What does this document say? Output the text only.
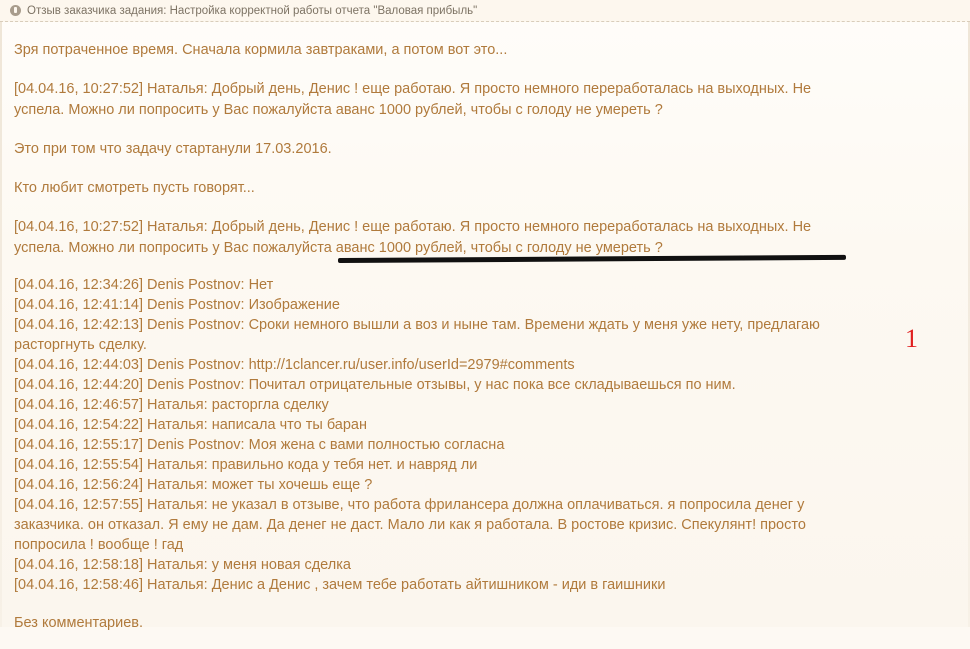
Отзыв заказчика задания: Настройка корректной работы отчета "Валовая прибыль"

Зря потраченное время. Сначала кормила завтраками, а потом вот это...

[04.04.16, 10:27:52] Наталья: Добрый день, Денис ! еще работаю. Я просто немного переработалась на выходных. Не успела. Можно ли попросить у Вас пожалуйста аванс 1000 рублей, чтобы с голоду не умереть ?

Это при том что задачу стартанули 17.03.2016.

Кто любит смотреть пусть говорят...

[04.04.16, 10:27:52] Наталья: Добрый день, Денис ! еще работаю. Я просто немного переработалась на выходных. Не успела. Можно ли попросить у Вас пожалуйста аванс 1000 рублей, чтобы с голоду не умереть ?

[04.04.16, 12:34:26] Denis Postnov: Нет

[04.04.16, 12:41:14] Denis Postnov: Изображение

[04.04.16, 12:42:13] Denis Postnov: Сроки немного вышли а воз и ныне там. Времени ждать у меня уже нету, предлагаю расторгнуть сделку.

[04.04.16, 12:44:03] Denis Postnov: http://1clancer.ru/user.info/userId=2979#comments

[04.04.16, 12:44:20] Denis Postnov: Почитал отрицательные отзывы, у нас пока все складываешься по ним.

[04.04.16, 12:46:57] Наталья: расторгла сделку

[04.04.16, 12:54:22] Наталья: написала что ты баран

[04.04.16, 12:55:17] Denis Postnov: Моя жена с вами полностью согласна

[04.04.16, 12:55:54] Наталья: правильно кода у тебя нет. и навряд ли

[04.04.16, 12:56:24] Наталья: может ты хочешь еще ?

[04.04.16, 12:57:55] Наталья: не указал в отзыве, что работа фрилансера должна оплачиваться. я попросила денег у заказчика. он отказал. Я ему не дам. Да денег не даст. Мало ли как я работала. В ростове кризис. Спекулянт! просто попросила ! вообще ! гад

[04.04.16, 12:58:18] Наталья: у меня новая сделка

[04.04.16, 12:58:46] Наталья: Денис а Денис , зачем тебе работать айтишником - иди в гаишники

Без комментариев.

1
